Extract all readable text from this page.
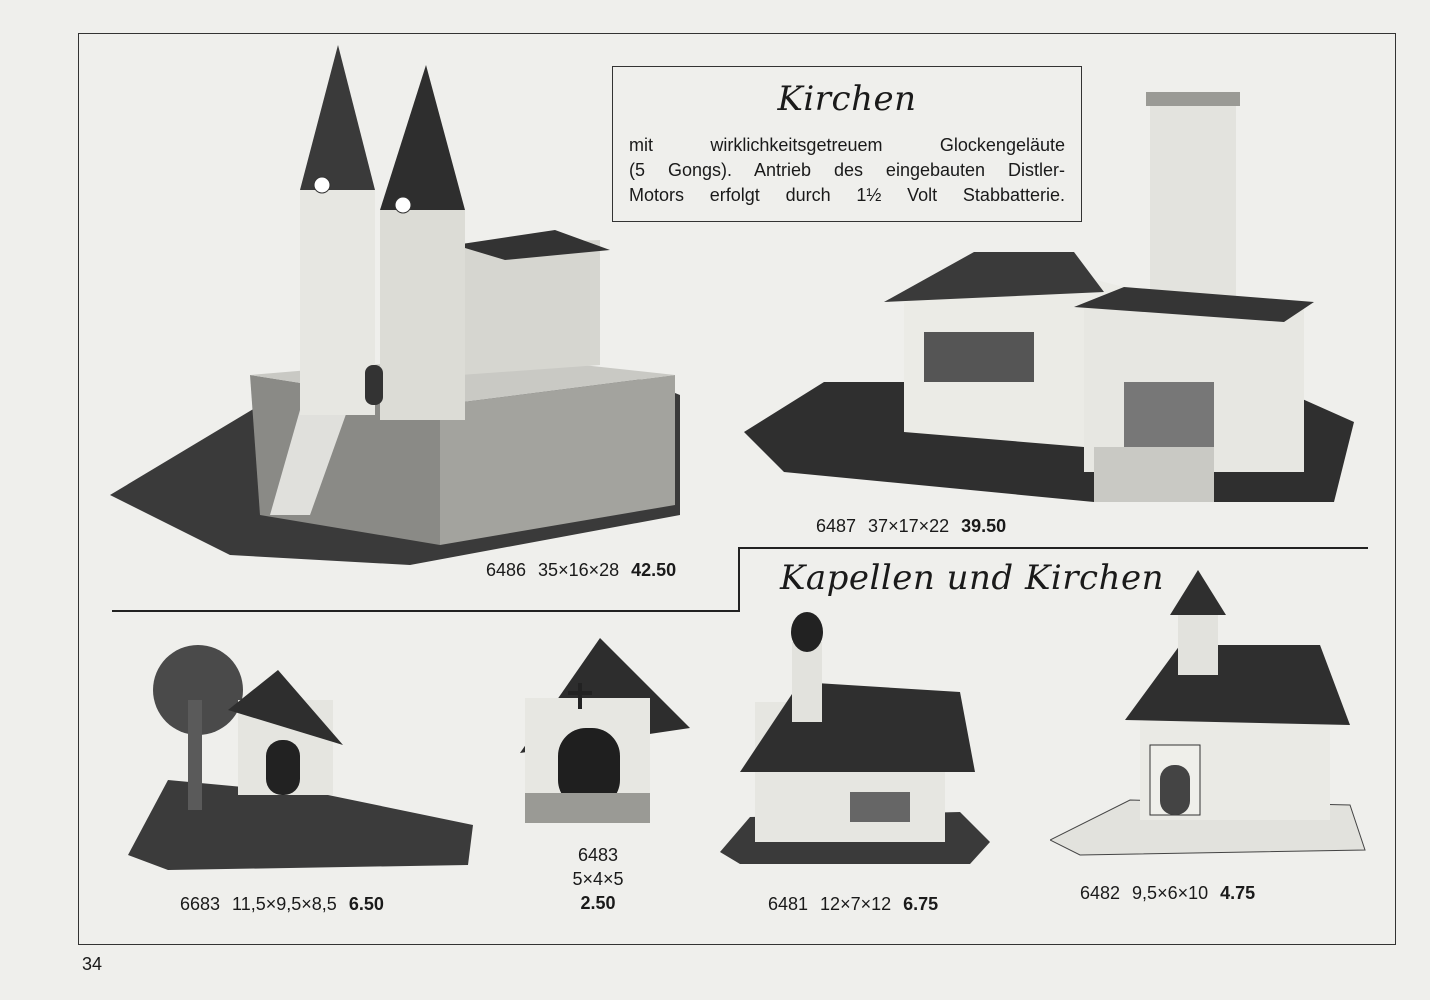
Kirchen
mit wirklichkeitsgetreuem Glockengeläute
(5 Gongs). Antrieb des eingebauten Distler-
Motors erfolgt durch 1½ Volt Stabbatterie.
Kapellen und Kirchen
6486 35×16×28 42.50
6487 37×17×22 39.50
6683 11,5×9,5×8,5 6.50
6483
5×4×5
2.50	6481 12×7×12 6.75
6482 9,5×6×10 4.75
34
